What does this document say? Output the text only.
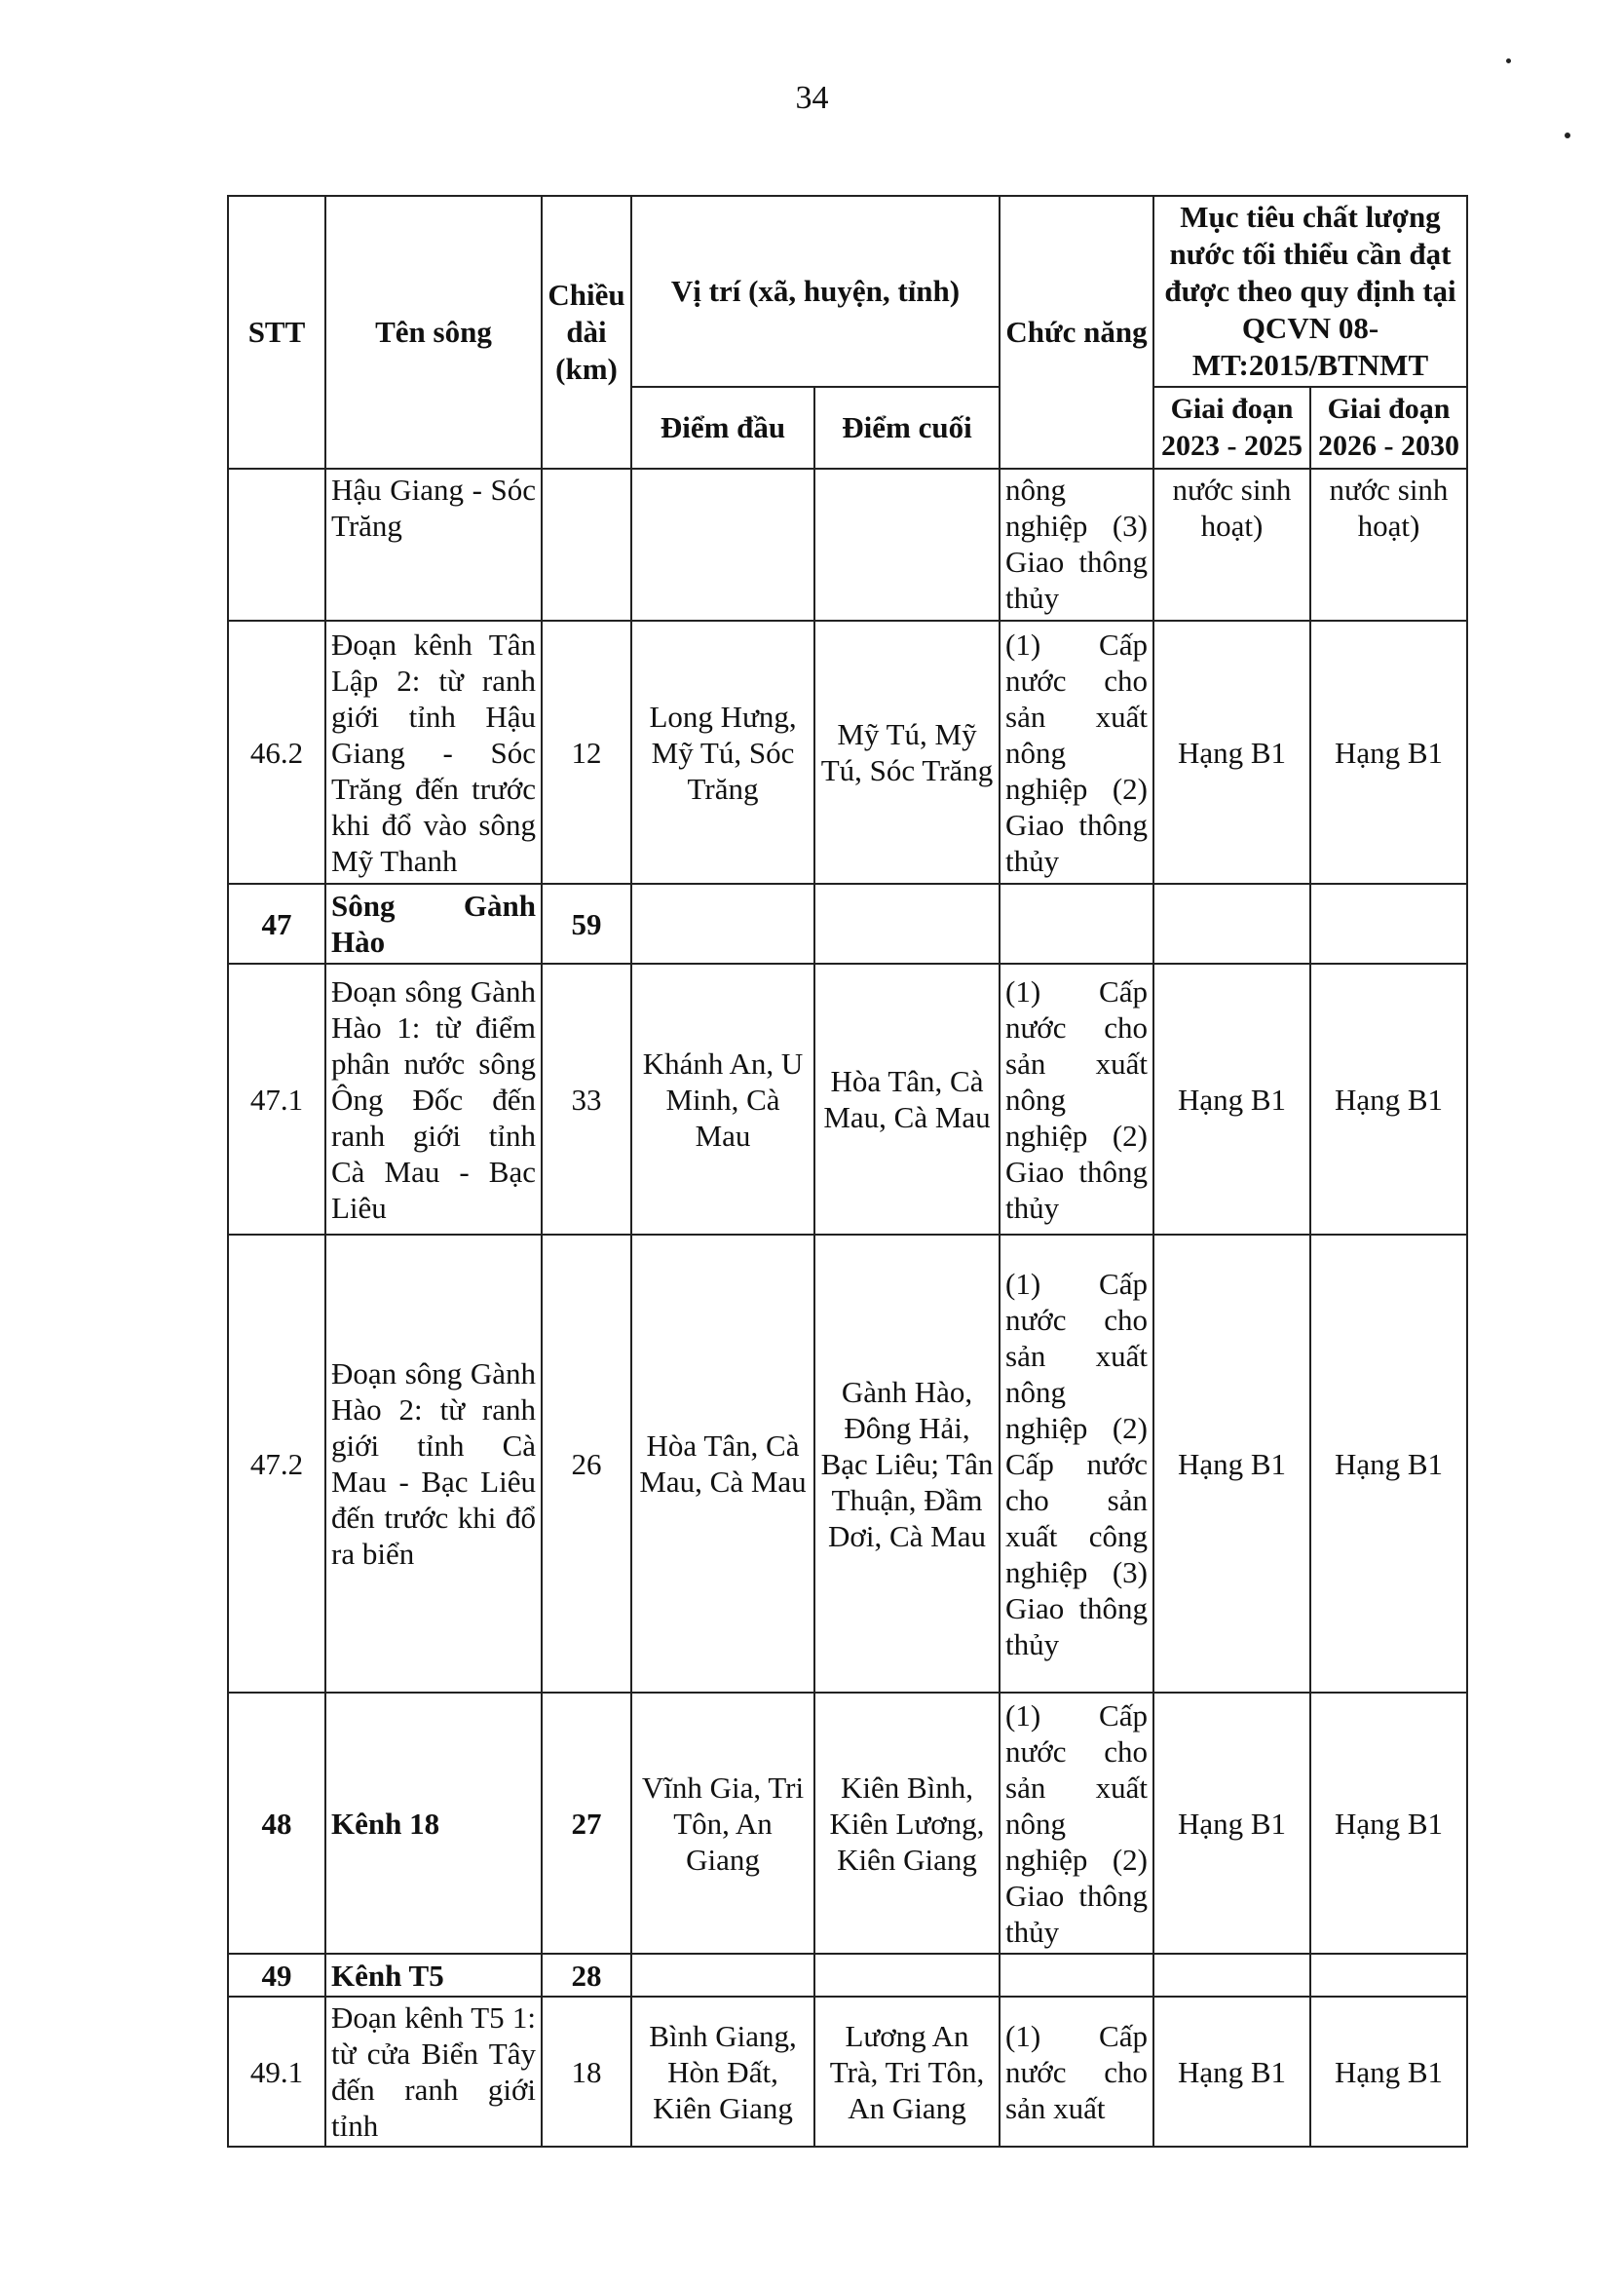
34
STT	Tên sông	Chiều dài (km)	Vị trí (xã, huyện, tỉnh)		Chức năng	Mục tiêu chất lượng nước tối thiểu cần đạt được theo quy định tại QCVN 08-MT:2015/BTNMT	
			Điểm đầu	Điểm cuối		Giai đoạn 2023 - 2025	Giai đoạn 2026 - 2030
	Hậu Giang - Sóc Trăng				nông nghiệp (3) Giao thông thủy	nước sinh hoạt)	nước sinh hoạt)
46.2	Đoạn kênh Tân Lập 2: từ ranh giới tỉnh Hậu Giang - Sóc Trăng đến trước khi đổ vào sông Mỹ Thanh	12	Long Hưng, Mỹ Tú, Sóc Trăng	Mỹ Tú, Mỹ Tú, Sóc Trăng	(1) Cấp nước cho sản xuất nông nghiệp (2) Giao thông thủy	Hạng B1	Hạng B1
47	Sông Gành Hào	59					
47.1	Đoạn sông Gành Hào 1: từ điểm phân nước sông Ông Đốc đến ranh giới tỉnh Cà Mau - Bạc Liêu	33	Khánh An, U Minh, Cà Mau	Hòa Tân, Cà Mau, Cà Mau	(1) Cấp nước cho sản xuất nông nghiệp (2) Giao thông thủy	Hạng B1	Hạng B1
47.2	Đoạn sông Gành Hào 2: từ ranh giới tỉnh Cà Mau - Bạc Liêu đến trước khi đổ ra biển	26	Hòa Tân, Cà Mau, Cà Mau	Gành Hào, Đông Hải, Bạc Liêu; Tân Thuận, Đầm Dơi, Cà Mau	(1) Cấp nước cho sản xuất nông nghiệp (2) Cấp nước cho sản xuất công nghiệp (3) Giao thông thủy	Hạng B1	Hạng B1
48	Kênh 18	27	Vĩnh Gia, Tri Tôn, An Giang	Kiên Bình, Kiên Lương, Kiên Giang	(1) Cấp nước cho sản xuất nông nghiệp (2) Giao thông thủy	Hạng B1	Hạng B1
49	Kênh T5	28					
49.1	Đoạn kênh T5 1: từ cửa Biển Tây đến ranh giới tỉnh	18	Bình Giang, Hòn Đất, Kiên Giang	Lương An Trà, Tri Tôn, An Giang	(1) Cấp nước cho sản xuất	Hạng B1	Hạng B1
